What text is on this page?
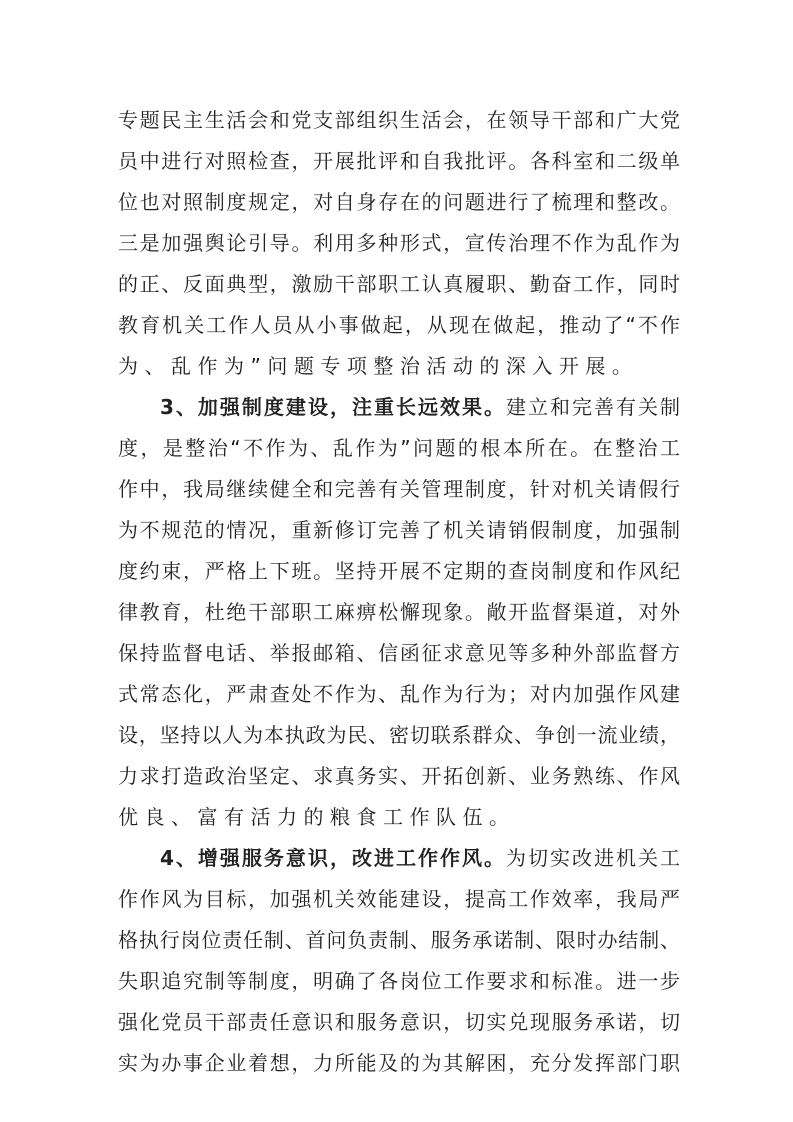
专题民主生活会和党支部组织生活会，在领导干部和广大党
员中进行对照检查，开展批评和自我批评。各科室和二级单
位也对照制度规定，对自身存在的问题进行了梳理和整改。
三是加强舆论引导。利用多种形式，宣传治理不作为乱作为
的正、反面典型，激励干部职工认真履职、勤奋工作，同时
教育机关工作人员从小事做起，从现在做起，推动了“不作
为、乱作为”问题专项整治活动的深入开展。
3、加强制度建设，注重长远效果。建立和完善有关制
度，是整治“不作为、乱作为”问题的根本所在。在整治工
作中，我局继续健全和完善有关管理制度，针对机关请假行
为不规范的情况，重新修订完善了机关请销假制度，加强制
度约束，严格上下班。坚持开展不定期的查岗制度和作风纪
律教育，杜绝干部职工麻痹松懈现象。敞开监督渠道，对外
保持监督电话、举报邮箱、信函征求意见等多种外部监督方
式常态化，严肃查处不作为、乱作为行为；对内加强作风建
设，坚持以人为本执政为民、密切联系群众、争创一流业绩，
力求打造政治坚定、求真务实、开拓创新、业务熟练、作风
优良、富有活力的粮食工作队伍。
4、增强服务意识，改进工作作风。为切实改进机关工
作作风为目标，加强机关效能建设，提高工作效率，我局严
格执行岗位责任制、首问负责制、服务承诺制、限时办结制、
失职追究制等制度，明确了各岗位工作要求和标准。进一步
强化党员干部责任意识和服务意识，切实兑现服务承诺，切
实为办事企业着想，力所能及的为其解困，充分发挥部门职
